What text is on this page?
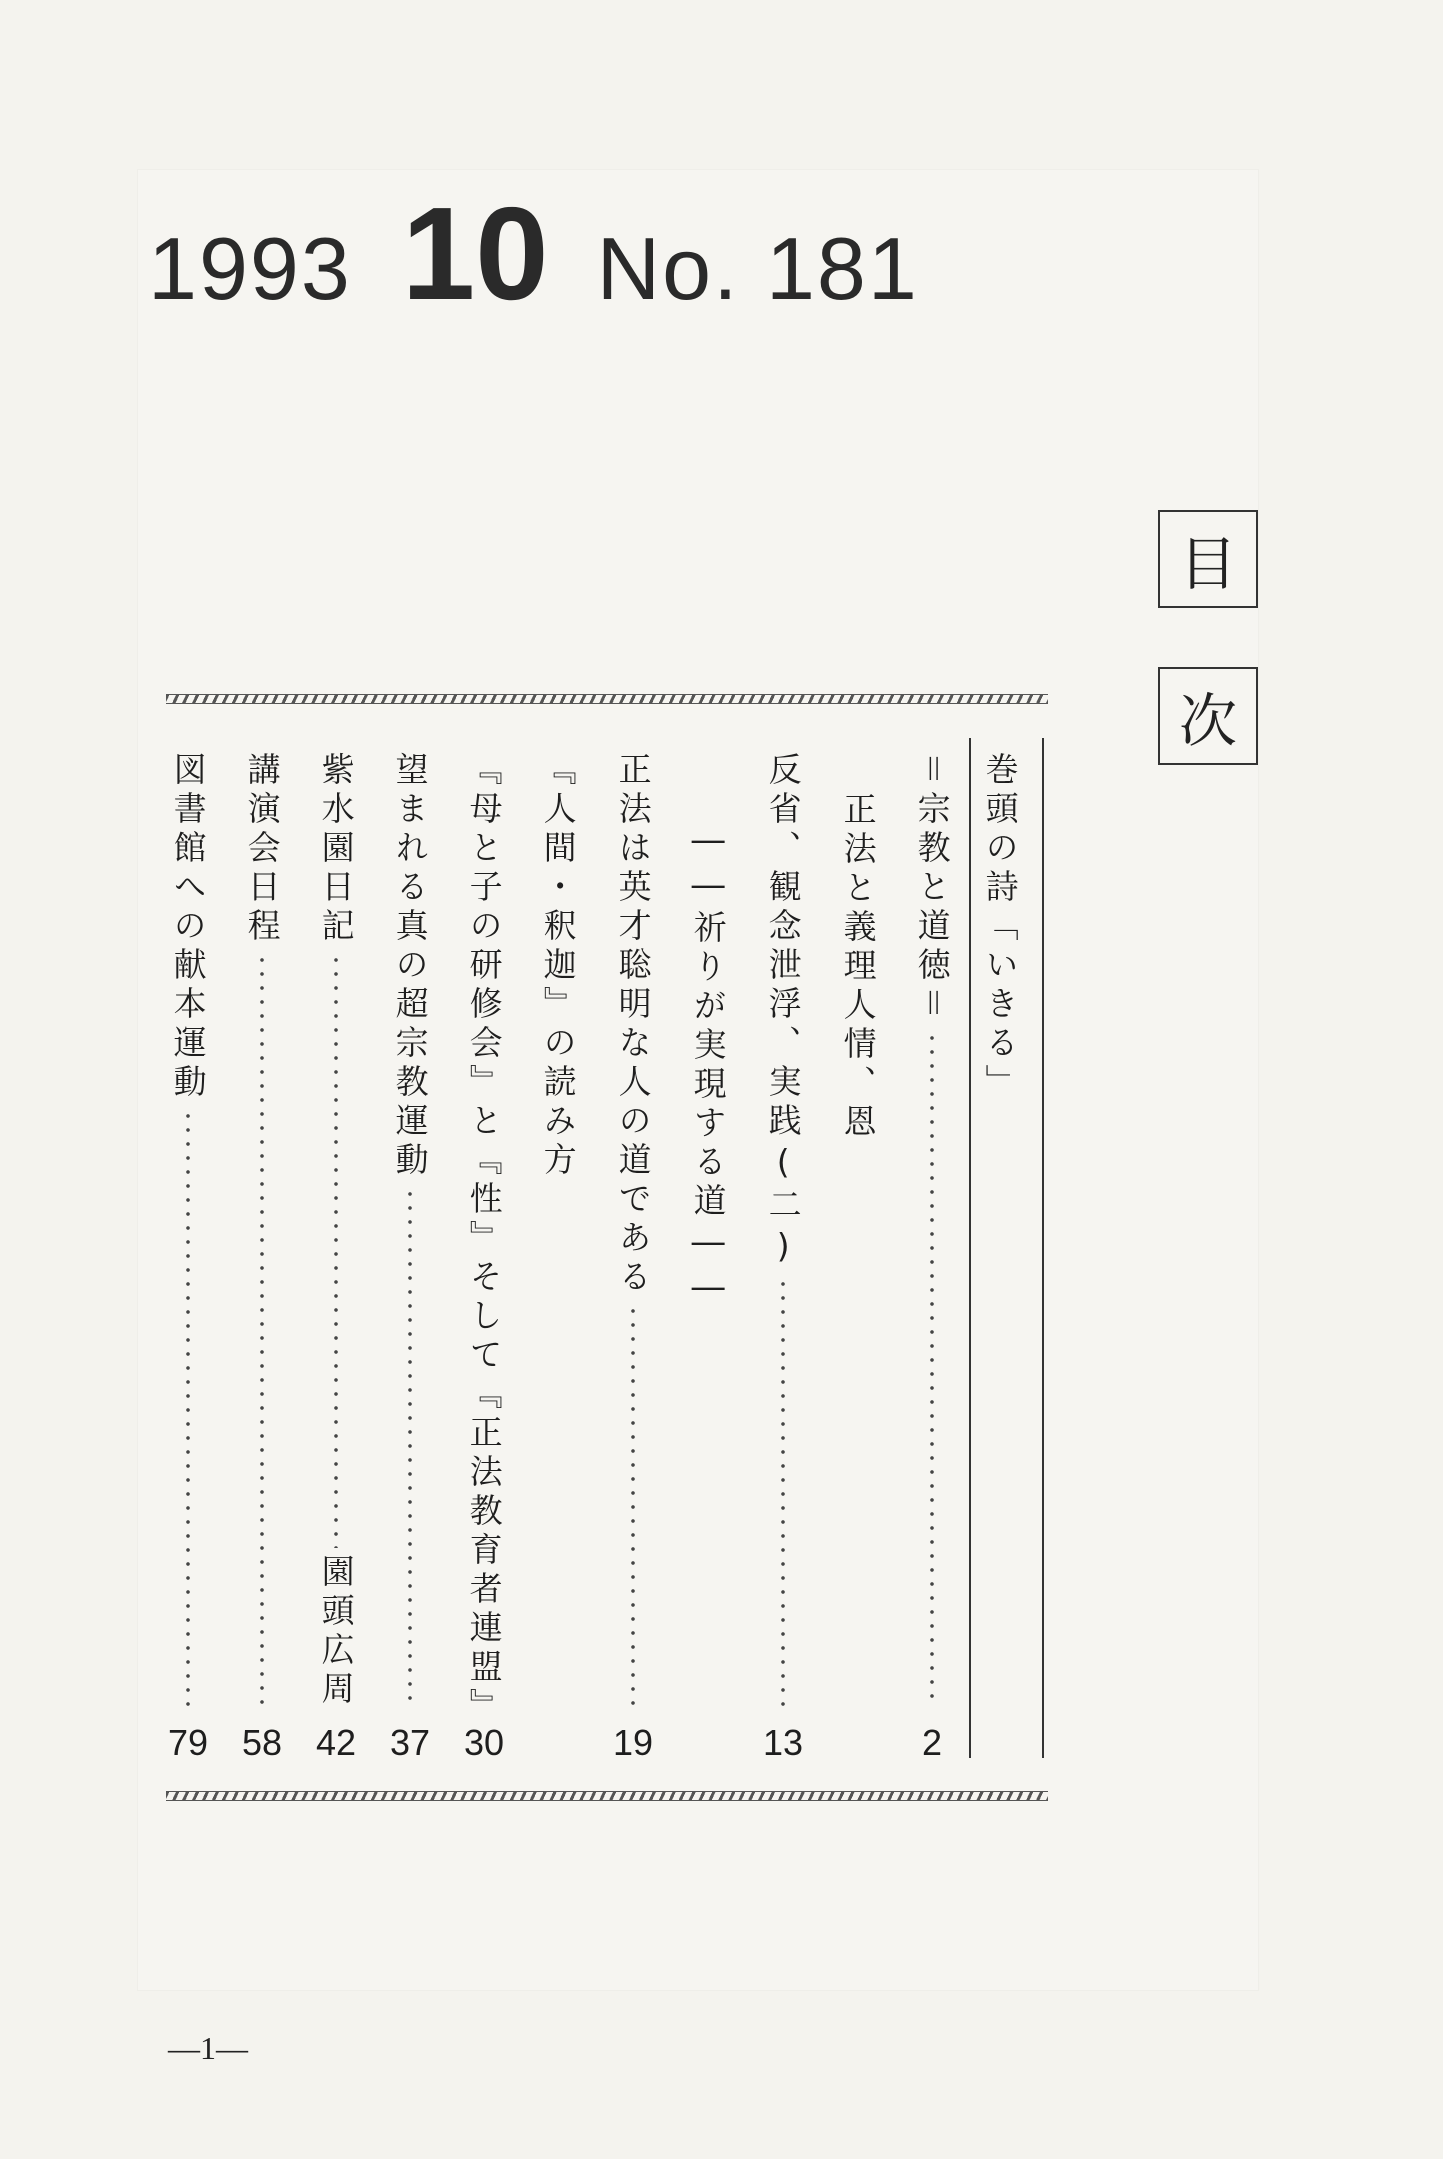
1993 10 No. 181
目
次
巻頭の詩「いきる」
＝宗教と道徳＝
2
正法と義理人情、恩
反省、観念泄浮、実践(二)
13
――祈りが実現する道――
正法は英才聡明な人の道である
19
『人間・釈迦』の読み方
『母と子の研修会』と『性』そして『正法教育者連盟』
30
望まれる真の超宗教運動
37
紫水園日記
園頭広周
42
講演会日程
58
図書館への献本運動
79
—1—
